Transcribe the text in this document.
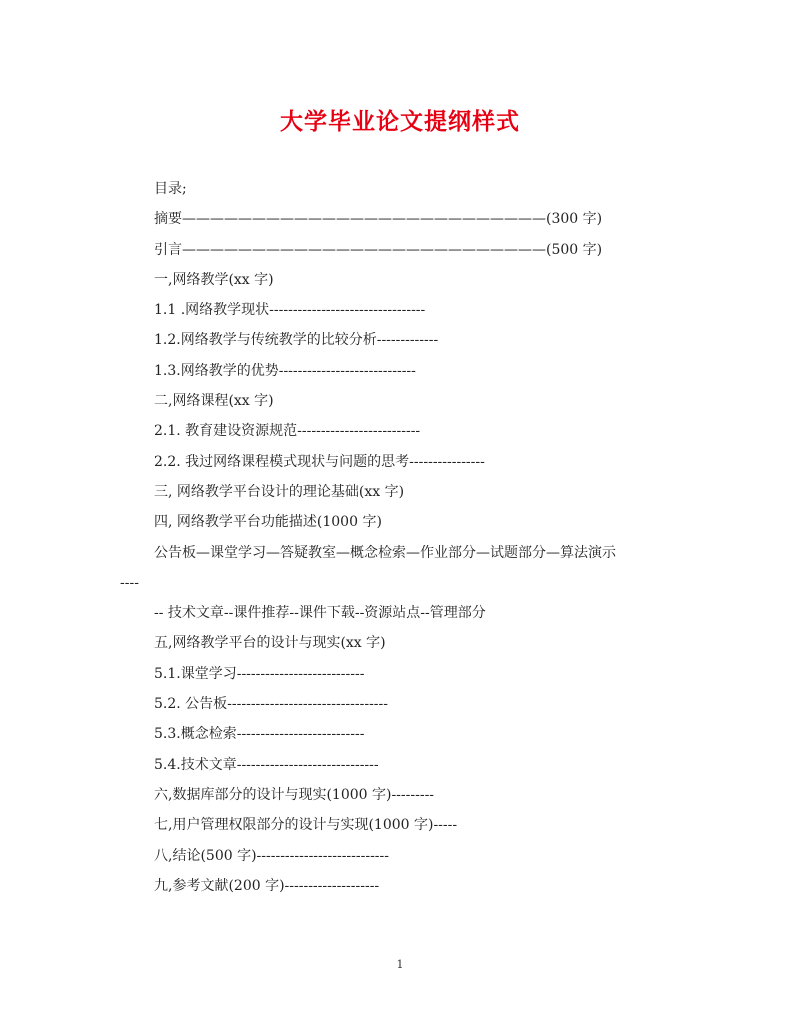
大学毕业论文提纲样式

目录;

摘要——————————————————————————(300 字)

引言——————————————————————————(500 字)

一,网络教学(xx 字)

1.1 .网络教学现状---------------------------------

1.2.网络教学与传统教学的比较分析-------------

1.3.网络教学的优势-----------------------------

二,网络课程(xx 字)

2.1. 教育建设资源规范--------------------------

2.2. 我过网络课程模式现状与问题的思考----------------

三, 网络教学平台设计的理论基础(xx 字)

四, 网络教学平台功能描述(1000 字)

公告板—课堂学习—答疑教室—概念检索—作业部分—试题部分—算法演示

----

-- 技术文章--课件推荐--课件下载--资源站点--管理部分

五,网络教学平台的设计与现实(xx 字)

5.1.课堂学习---------------------------

5.2. 公告板----------------------------------

5.3.概念检索---------------------------

5.4.技术文章------------------------------

六,数据库部分的设计与现实(1000 字)---------

七,用户管理权限部分的设计与实现(1000 字)-----

八,结论(500 字)----------------------------

九,参考文献(200 字)--------------------

1
